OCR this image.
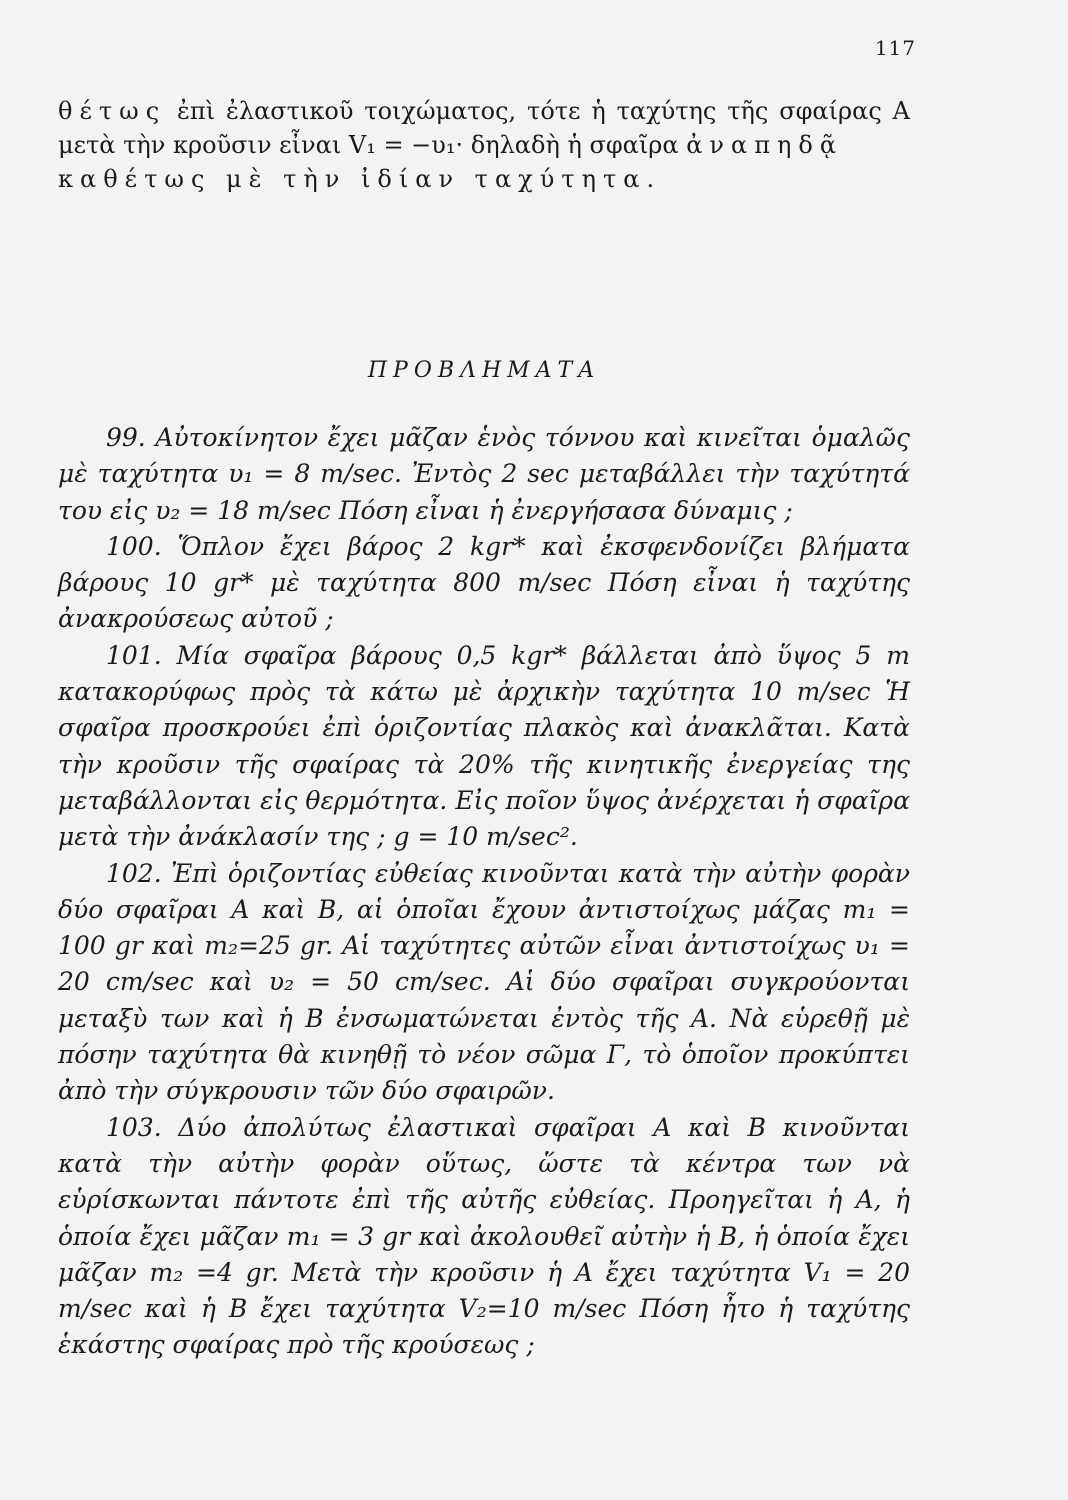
117

θέτως ἐπὶ ἐλαστικοῦ τοιχώματος, τότε ἡ ταχύτης τῆς σφαίρας Α μετὰ τὴν κροῦσιν εἶναι V₁ = −υ₁· δηλαδὴ ἡ σφαῖρα ἀναπηδᾷ

καθέτως μὲ τὴν ἰδίαν ταχύτητα.

ΠΡΟΒΛΗΜΑΤΑ

99. Αὐτοκίνητον ἔχει μᾶζαν ἑνὸς τόννου καὶ κινεῖται ὁμαλῶς μὲ ταχύτητα υ₁ = 8 m/sec. Ἐντὸς 2 sec μεταβάλλει τὴν ταχύτητά του εἰς υ₂ = 18 m/sec Πόση εἶναι ἡ ἐνεργήσασα δύναμις ;

100. Ὅπλον ἔχει βάρος 2 kgr* καὶ ἐκσφενδονίζει βλήματα βάρους 10 gr* μὲ ταχύτητα 800 m/sec Πόση εἶναι ἡ ταχύτης ἀνακρούσεως αὐτοῦ ;

101. Μία σφαῖρα βάρους 0,5 kgr* βάλλεται ἀπὸ ὕψος 5 m κατακορύφως πρὸς τὰ κάτω μὲ ἀρχικὴν ταχύτητα 10 m/sec Ἡ σφαῖρα προσκρούει ἐπὶ ὁριζοντίας πλακὸς καὶ ἀνακλᾶται. Κατὰ τὴν κροῦσιν τῆς σφαίρας τὰ 20% τῆς κινητικῆς ἐνεργείας της μεταβάλλονται εἰς θερμότητα. Εἰς ποῖον ὕψος ἀνέρχεται ἡ σφαῖρα μετὰ τὴν ἀνάκλασίν της ; g = 10 m/sec².

102. Ἐπὶ ὁριζοντίας εὐθείας κινοῦνται κατὰ τὴν αὐτὴν φορὰν δύο σφαῖραι Α καὶ Β, αἱ ὁποῖαι ἔχουν ἀντιστοίχως μάζας m₁ = 100 gr καὶ m₂=25 gr. Αἱ ταχύτητες αὐτῶν εἶναι ἀντιστοίχως υ₁ = 20 cm/sec καὶ υ₂ = 50 cm/sec. Αἱ δύο σφαῖραι συγκρούονται μεταξὺ των καὶ ἡ Β ἐνσωματώνεται ἐντὸς τῆς Α. Νὰ εὑρεθῇ μὲ πόσην ταχύτητα θὰ κινηθῇ τὸ νέον σῶμα Γ, τὸ ὁποῖον προκύπτει ἀπὸ τὴν σύγκρουσιν τῶν δύο σφαιρῶν.

103. Δύο ἀπολύτως ἐλαστικαὶ σφαῖραι Α καὶ Β κινοῦνται κατὰ τὴν αὐτὴν φορὰν οὕτως, ὥστε τὰ κέντρα των νὰ εὑρίσκωνται πάντοτε ἐπὶ τῆς αὐτῆς εὐθείας. Προηγεῖται ἡ Α, ἡ ὁποία ἔχει μᾶζαν m₁ = 3 gr καὶ ἀκολουθεῖ αὐτὴν ἡ Β, ἡ ὁποία ἔχει μᾶζαν m₂ =4 gr. Μετὰ τὴν κροῦσιν ἡ Α ἔχει ταχύτητα V₁ = 20 m/sec καὶ ἡ Β ἔχει ταχύτητα V₂=10 m/sec Πόση ἦτο ἡ ταχύτης ἑκάστης σφαίρας πρὸ τῆς κρούσεως ;
